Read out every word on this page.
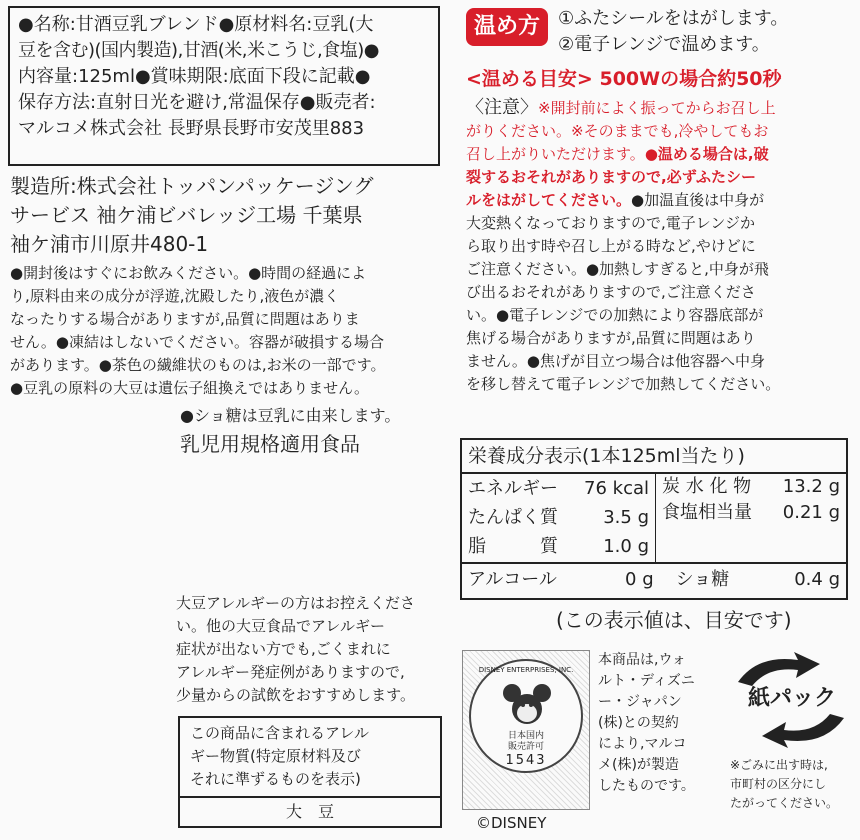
●名称:甘酒豆乳ブレンド●原材料名:豆乳(大
豆を含む)(国内製造),甘酒(米,米こうじ,食塩)●
内容量:125ml●賞味期限:底面下段に記載●
保存方法:直射日光を避け,常温保存●販売者:
マルコメ株式会社 長野県長野市安茂里883
製造所:株式会社トッパンパッケージング
サービス 袖ケ浦ビバレッジ工場 千葉県
袖ケ浦市川原井480-1
●開封後はすぐにお飲みください。●時間の経過によ
り,原料由来の成分が浮遊,沈殿したり,液色が濃く
なったりする場合がありますが,品質に問題はありま
せん。●凍結はしないでください。容器が破損する場合
があります。●茶色の繊維状のものは,お米の一部です。
●豆乳の原料の大豆は遺伝子組換えではありません。
●ショ糖は豆乳に由来します。
乳児用規格適用食品
大豆アレルギーの方はお控えくださ
い。他の大豆食品でアレルギー
症状が出ない方でも,ごくまれに
アレルギー発症例がありますので,
少量からの試飲をおすすめします。
この商品に含まれるアレル
ギー物質(特定原材料及び
それに準ずるものを表示)
大　豆
温め方	①ふたシールをはがします。
②電子レンジで温めます。
<温める目安> 500Wの場合約50秒
〈注意〉※開封前によく振ってからお召し上
がりください。※そのままでも,冷やしてもお
召し上がりいただけます。●温める場合は,破
裂するおそれがありますので,必ずふたシー
ルをはがしてください。●加温直後は中身が
大変熱くなっておりますので,電子レンジか
ら取り出す時や召し上がる時など,やけどに
ご注意ください。●加熱しすぎると,中身が飛
び出るおそれがありますので,ご注意くださ
い。●電子レンジでの加熱により容器底部が
焦げる場合がありますが,品質に問題はあり
ません。●焦げが目立つ場合は他容器へ中身
を移し替えて電子レンジで加熱してください。
栄養成分表示(1本125ml当たり)
エネルギー	76 kcal
たんぱく質	3.5 g
脂　　　質	1.0 g
炭 水 化 物	13.2 g
食塩相当量	0.21 g
アルコール	0 g	ショ糖	0.4 g
(この表示値は、目安です)
DISNEY ENTERPRISES, INC.
日本国内
販売許可
1543
©DISNEY
本商品は,ウォ
ルト・ディズニ
ー・ジャパン
(株)との契約
により,マルコ
メ(株)が製造
したものです。
紙パック
※ごみに出す時は,
市町村の区分にし
たがってください。
